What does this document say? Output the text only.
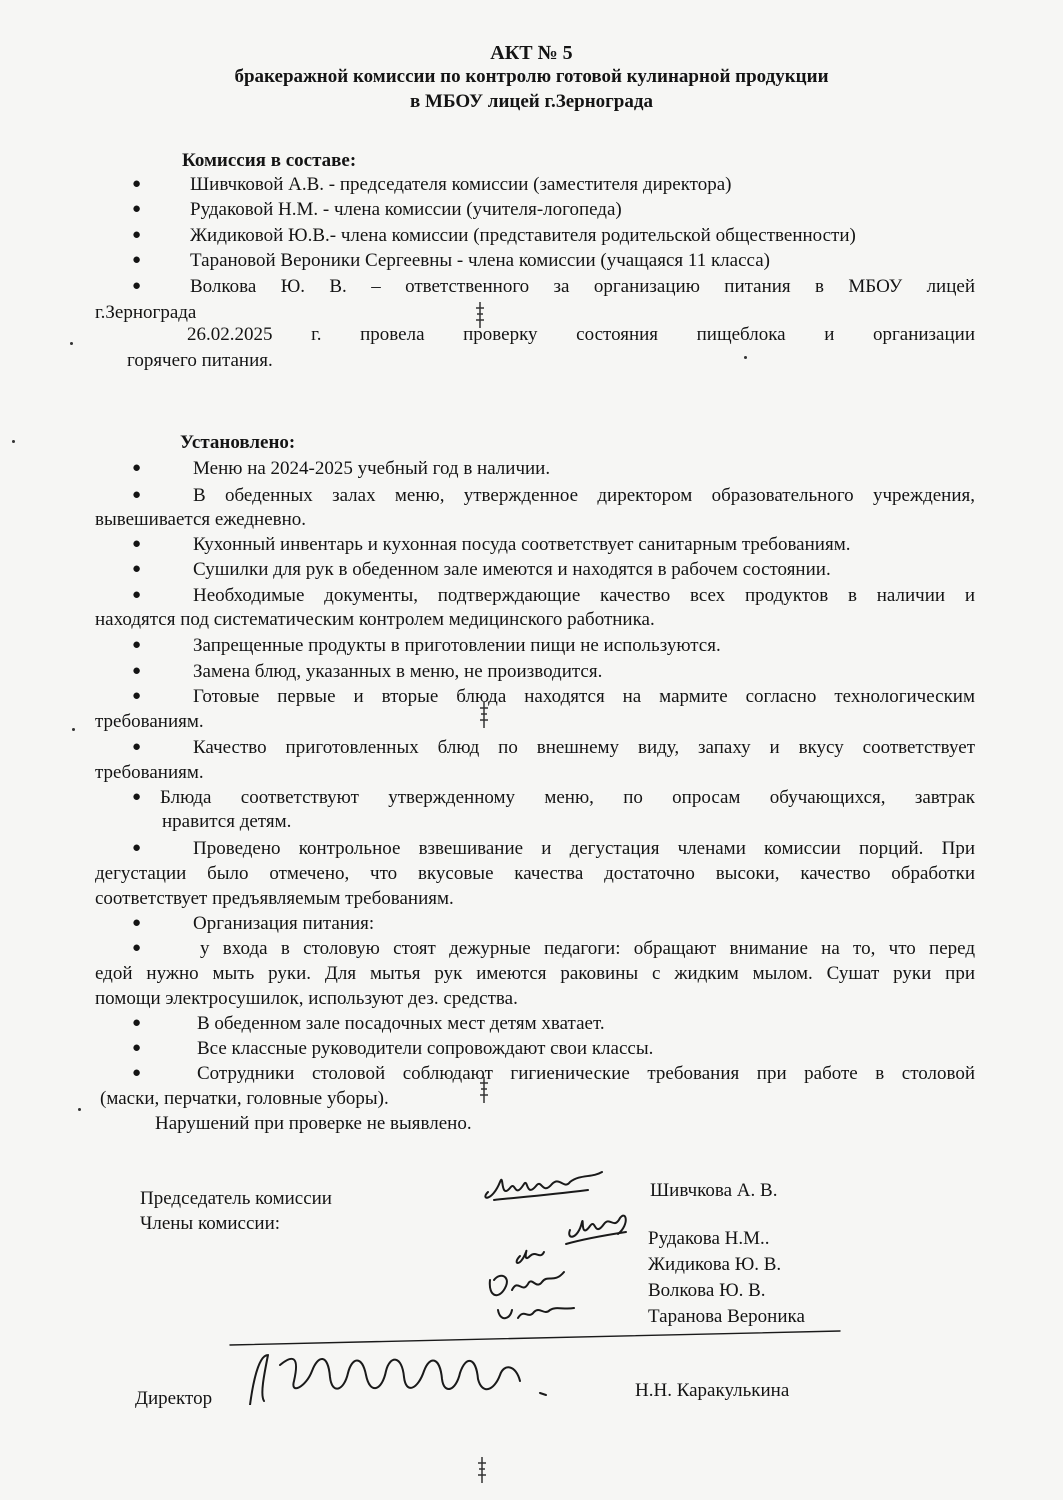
АКТ № 5
бракеражной комиссии по контролю готовой кулинарной продукции
в МБОУ лицей г.Зернограда
Комиссия в составе:
●	Шивчковой А.В. - председателя комиссии (заместителя директора)
●	Рудаковой Н.М. - члена комиссии (учителя-логопеда)
●	Жидиковой Ю.В.- члена комиссии (представителя родительской общественности)
●	Тарановой Вероники Сергеевны - члена комиссии (учащаяся 11 класса)
●	Волкова Ю. В. – ответственного за организацию питания в МБОУ лицей
г.Зернограда
26.02.2025 г. провела проверку состояния пищеблока и организации
горячего питания.
Установлено:
●	Меню на 2024-2025 учебный год в наличии.
●	В обеденных залах меню, утвержденное директором образовательного учреждения,
вывешивается ежедневно.
●	Кухонный инвентарь и кухонная посуда соответствует санитарным требованиям.
●	Сушилки для рук в обеденном зале имеются и находятся в рабочем состоянии.
●	Необходимые документы, подтверждающие качество всех продуктов в наличии и
находятся под систематическим контролем медицинского работника.
●	Запрещенные продукты в приготовлении пищи не используются.
●	Замена блюд, указанных в меню, не производится.
●	Готовые первые и вторые блюда находятся на мармите согласно технологическим
требованиям.
●	Качество приготовленных блюд по внешнему виду, запаху и вкусу соответствует
требованиям.
● Блюда соответствуют утвержденному меню, по опросам обучающихся, завтрак
нравится детям.
●	Проведено контрольное взвешивание и дегустация членами комиссии порций. При
дегустации было отмечено, что вкусовые качества достаточно высоки, качество обработки
соответствует предъявляемым требованиям.
●	Организация питания:
●	у входа в столовую стоят дежурные педагоги: обращают внимание на то, что перед
едой нужно мыть руки. Для мытья рук имеются раковины с жидким мылом. Сушат руки при
помощи электросушилок, используют дез. средства.
●	В обеденном зале посадочных мест детям хватает.
●	Все классные руководители сопровождают свои классы.
●	Сотрудники столовой соблюдают гигиенические требования при работе в столовой
(маски, перчатки, головные уборы).
Нарушений при проверке не выявлено.
Председатель комиссии
Члены комиссии:
Шивчкова А. В.
Рудакова Н.М..
Жидикова Ю. В.
Волкова Ю. В.
Таранова Вероника
Директор	Н.Н. Каракулькина
